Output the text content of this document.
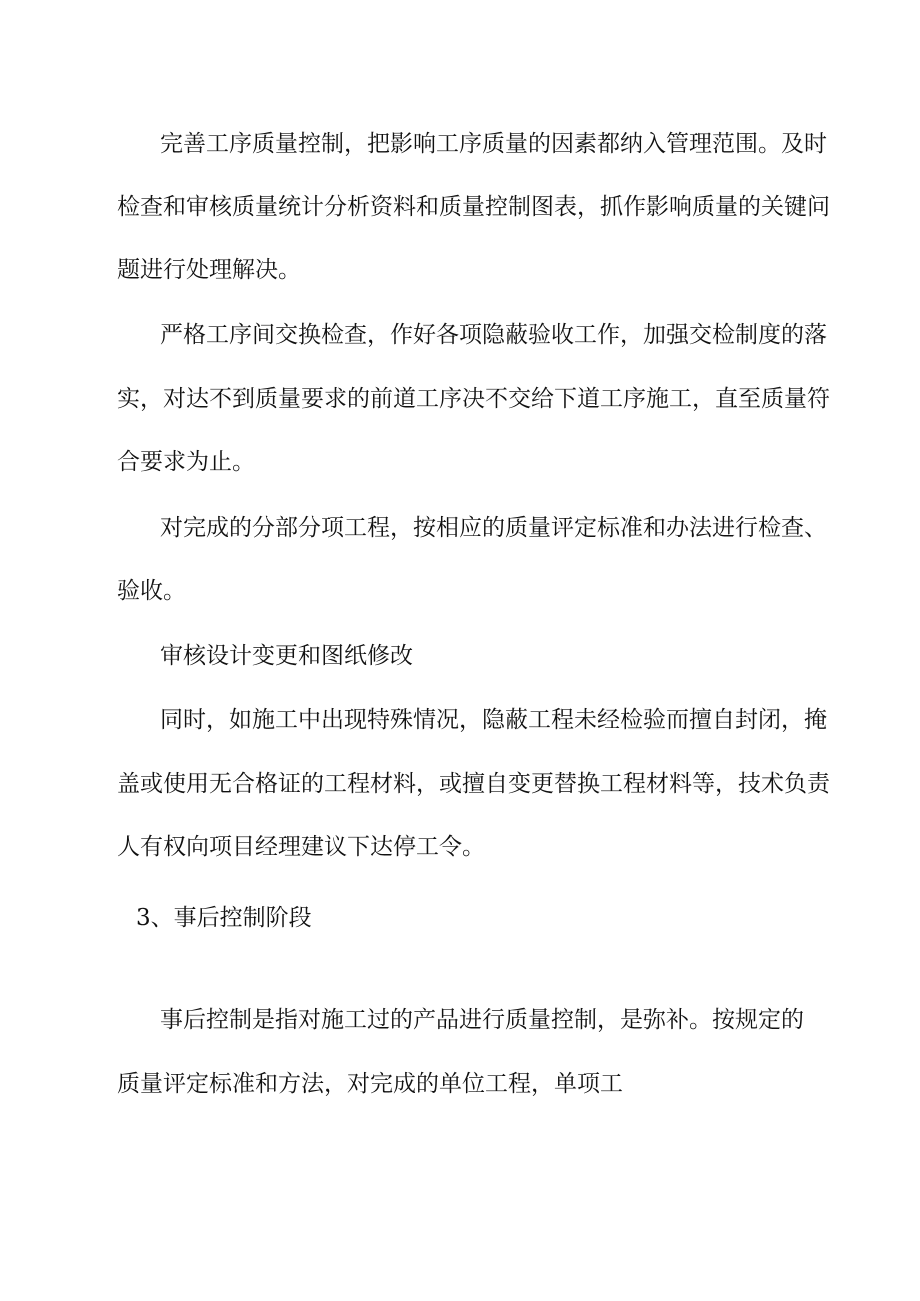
完善工序质量控制，把影响工序质量的因素都纳入管理范围。及时
检查和审核质量统计分析资料和质量控制图表，抓作影响质量的关键问
题进行处理解决。
严格工序间交换检查，作好各项隐蔽验收工作，加强交检制度的落
实，对达不到质量要求的前道工序决不交给下道工序施工，直至质量符
合要求为止。
对完成的分部分项工程，按相应的质量评定标准和办法进行检查、
验收。
审核设计变更和图纸修改
同时，如施工中出现特殊情况，隐蔽工程未经检验而擅自封闭，掩
盖或使用无合格证的工程材料，或擅自变更替换工程材料等，技术负责
人有权向项目经理建议下达停工令。
3、事后控制阶段
事后控制是指对施工过的产品进行质量控制，是弥补。按规定的
质量评定标准和方法，对完成的单位工程，单项工
